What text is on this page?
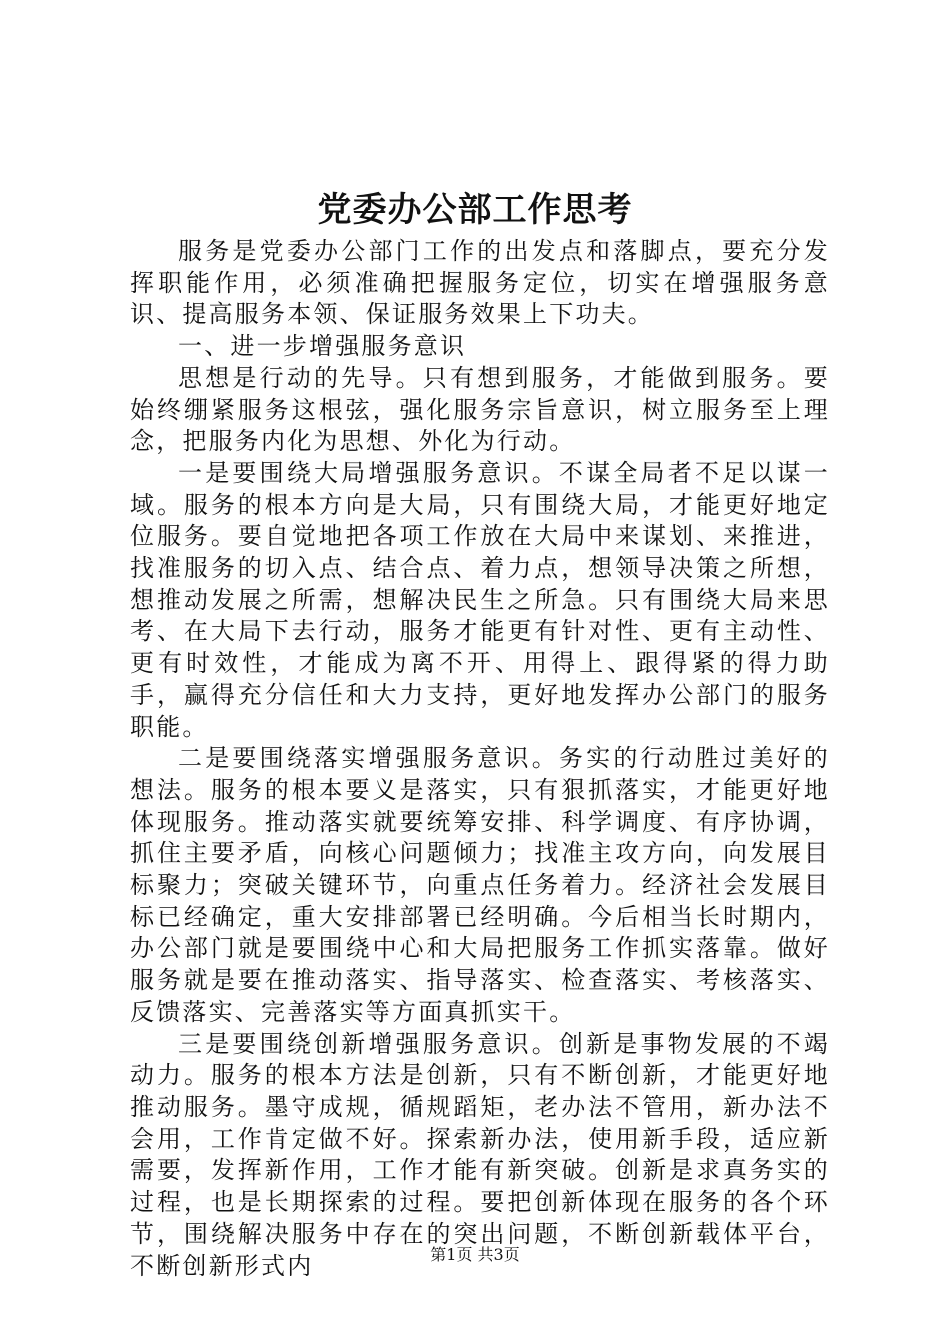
党委办公部工作思考

服务是党委办公部门工作的出发点和落脚点，要充分发挥职能作用，必须准确把握服务定位，切实在增强服务意识、提高服务本领、保证服务效果上下功夫。

一、进一步增强服务意识

思想是行动的先导。只有想到服务，才能做到服务。要始终绷紧服务这根弦，强化服务宗旨意识，树立服务至上理念，把服务内化为思想、外化为行动。

一是要围绕大局增强服务意识。不谋全局者不足以谋一域。服务的根本方向是大局，只有围绕大局，才能更好地定位服务。要自觉地把各项工作放在大局中来谋划、来推进，找准服务的切入点、结合点、着力点，想领导决策之所想，想推动发展之所需，想解决民生之所急。只有围绕大局来思考、在大局下去行动，服务才能更有针对性、更有主动性、更有时效性，才能成为离不开、用得上、跟得紧的得力助手，赢得充分信任和大力支持，更好地发挥办公部门的服务职能。

二是要围绕落实增强服务意识。务实的行动胜过美好的想法。服务的根本要义是落实，只有狠抓落实，才能更好地体现服务。推动落实就要统筹安排、科学调度、有序协调，抓住主要矛盾，向核心问题倾力；找准主攻方向，向发展目标聚力；突破关键环节，向重点任务着力。经济社会发展目标已经确定，重大安排部署已经明确。今后相当长时期内，办公部门就是要围绕中心和大局把服务工作抓实落靠。做好服务就是要在推动落实、指导落实、检查落实、考核落实、反馈落实、完善落实等方面真抓实干。

三是要围绕创新增强服务意识。创新是事物发展的不竭动力。服务的根本方法是创新，只有不断创新，才能更好地推动服务。墨守成规，循规蹈矩，老办法不管用，新办法不会用，工作肯定做不好。探索新办法，使用新手段，适应新需要，发挥新作用，工作才能有新突破。创新是求真务实的过程，也是长期探索的过程。要把创新体现在服务的各个环节，围绕解决服务中存在的突出问题，不断创新载体平台，不断创新形式内	第1页 共3页
